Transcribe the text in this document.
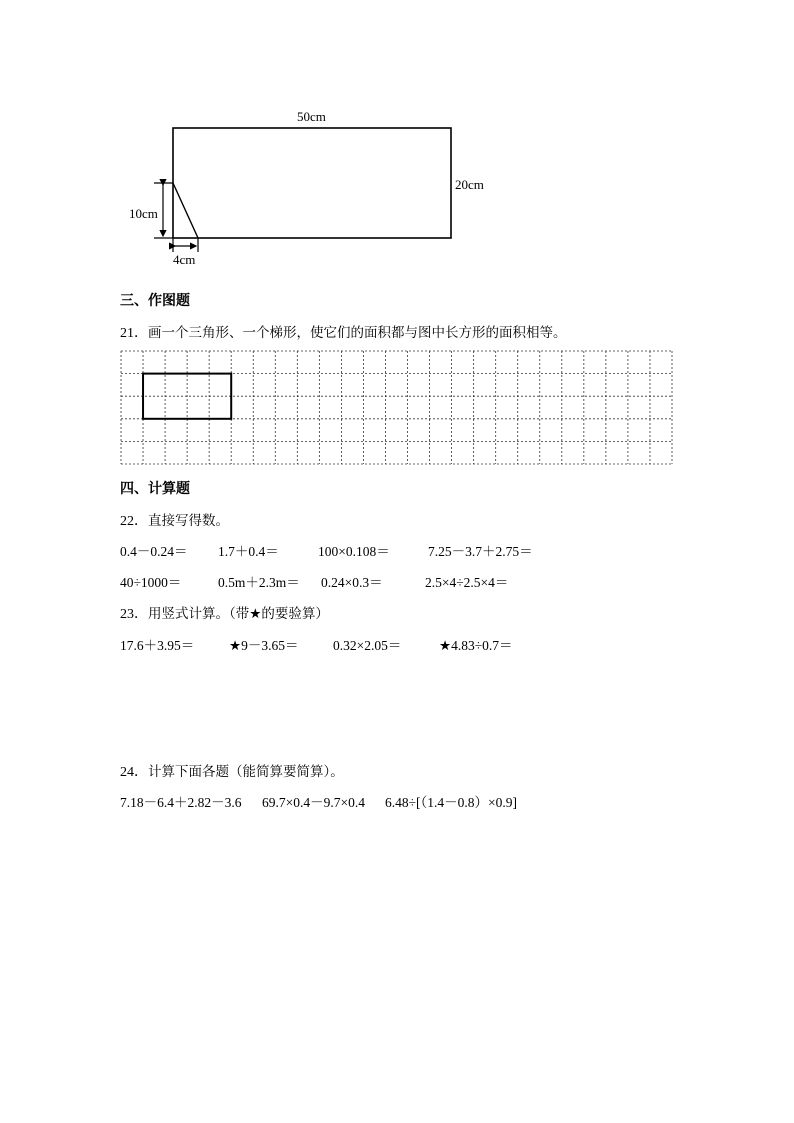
50cm
20cm
10cm
4cm
三、作图题
21．画一个三角形、一个梯形，使它们的面积都与图中长方形的面积相等。
四、计算题
22．直接写得数。
0.4－0.24＝ 1.7＋0.4＝	100×0.108＝	7.25－3.7＋2.75＝
40÷1000＝	0.5m＋2.3m＝ 0.24×0.3＝	2.5×4÷2.5×4＝
23．用竖式计算。（带★的要验算）
17.6＋3.95＝	★9－3.65＝	0.32×2.05＝	★4.83÷0.7＝
24．计算下面各题（能简算要简算）。
7.18－6.4＋2.82－3.6 69.7×0.4－9.7×0.4 6.48÷[（1.4－0.8）×0.9]
